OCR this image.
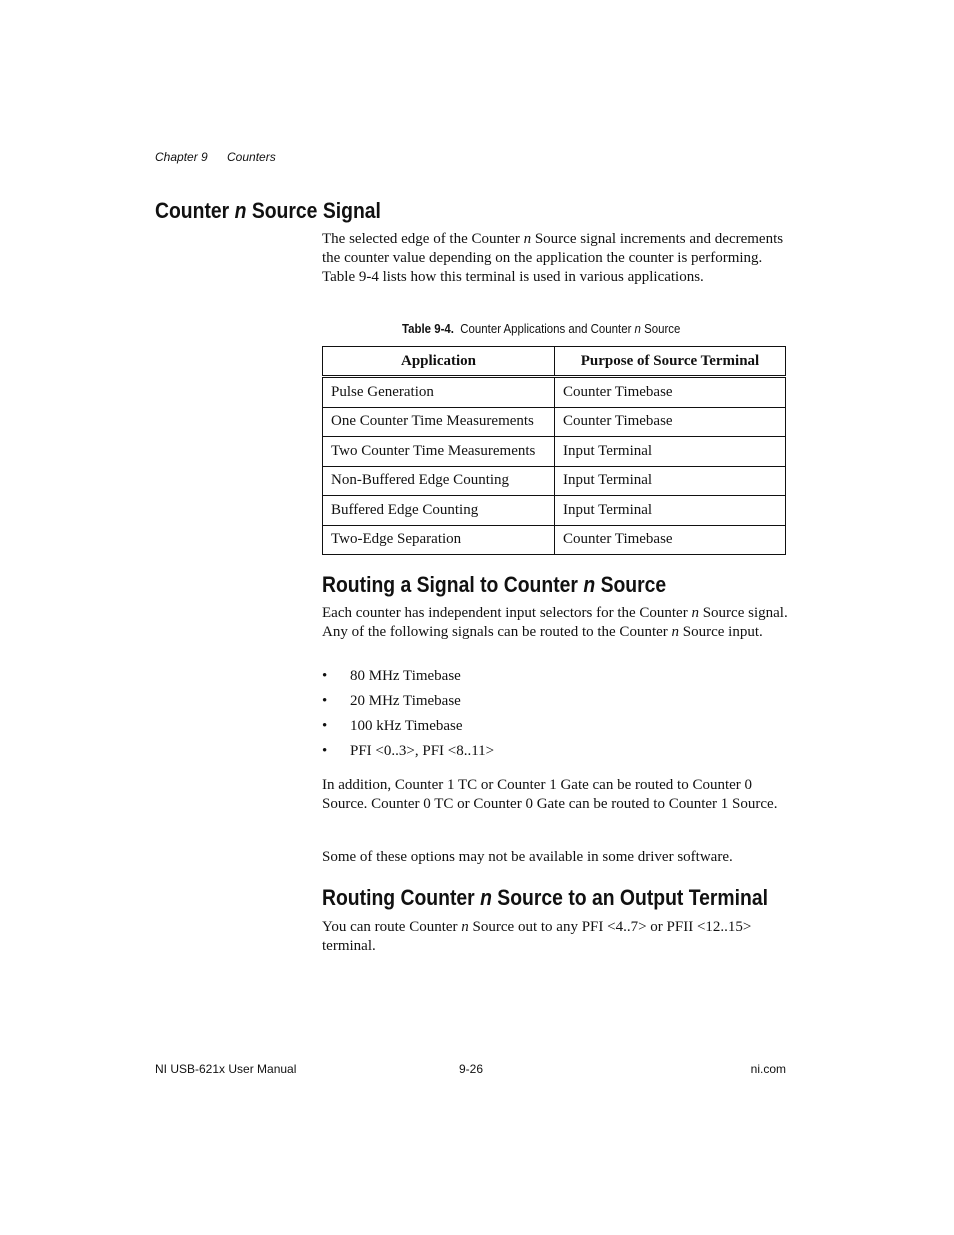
Chapter 9 Counters
Counter n Source Signal
The selected edge of the Counter n Source signal increments and decrements the counter value depending on the application the counter is performing. Table 9-4 lists how this terminal is used in various applications.
Table 9-4. Counter Applications and Counter n Source
Application	Purpose of Source Terminal
Pulse Generation	Counter Timebase
One Counter Time Measurements	Counter Timebase
Two Counter Time Measurements	Input Terminal
Non-Buffered Edge Counting	Input Terminal
Buffered Edge Counting	Input Terminal
Two-Edge Separation	Counter Timebase
Routing a Signal to Counter n Source
Each counter has independent input selectors for the Counter n Source signal. Any of the following signals can be routed to the Counter n Source input.
• 80 MHz Timebase
• 20 MHz Timebase
• 100 kHz Timebase
• PFI <0..3>, PFI <8..11>
In addition, Counter 1 TC or Counter 1 Gate can be routed to Counter 0 Source. Counter 0 TC or Counter 0 Gate can be routed to Counter 1 Source.
Some of these options may not be available in some driver software.
Routing Counter n Source to an Output Terminal
You can route Counter n Source out to any PFI <4..7> or PFII <12..15> terminal.
NI USB-621x User Manual	9-26	ni.com
